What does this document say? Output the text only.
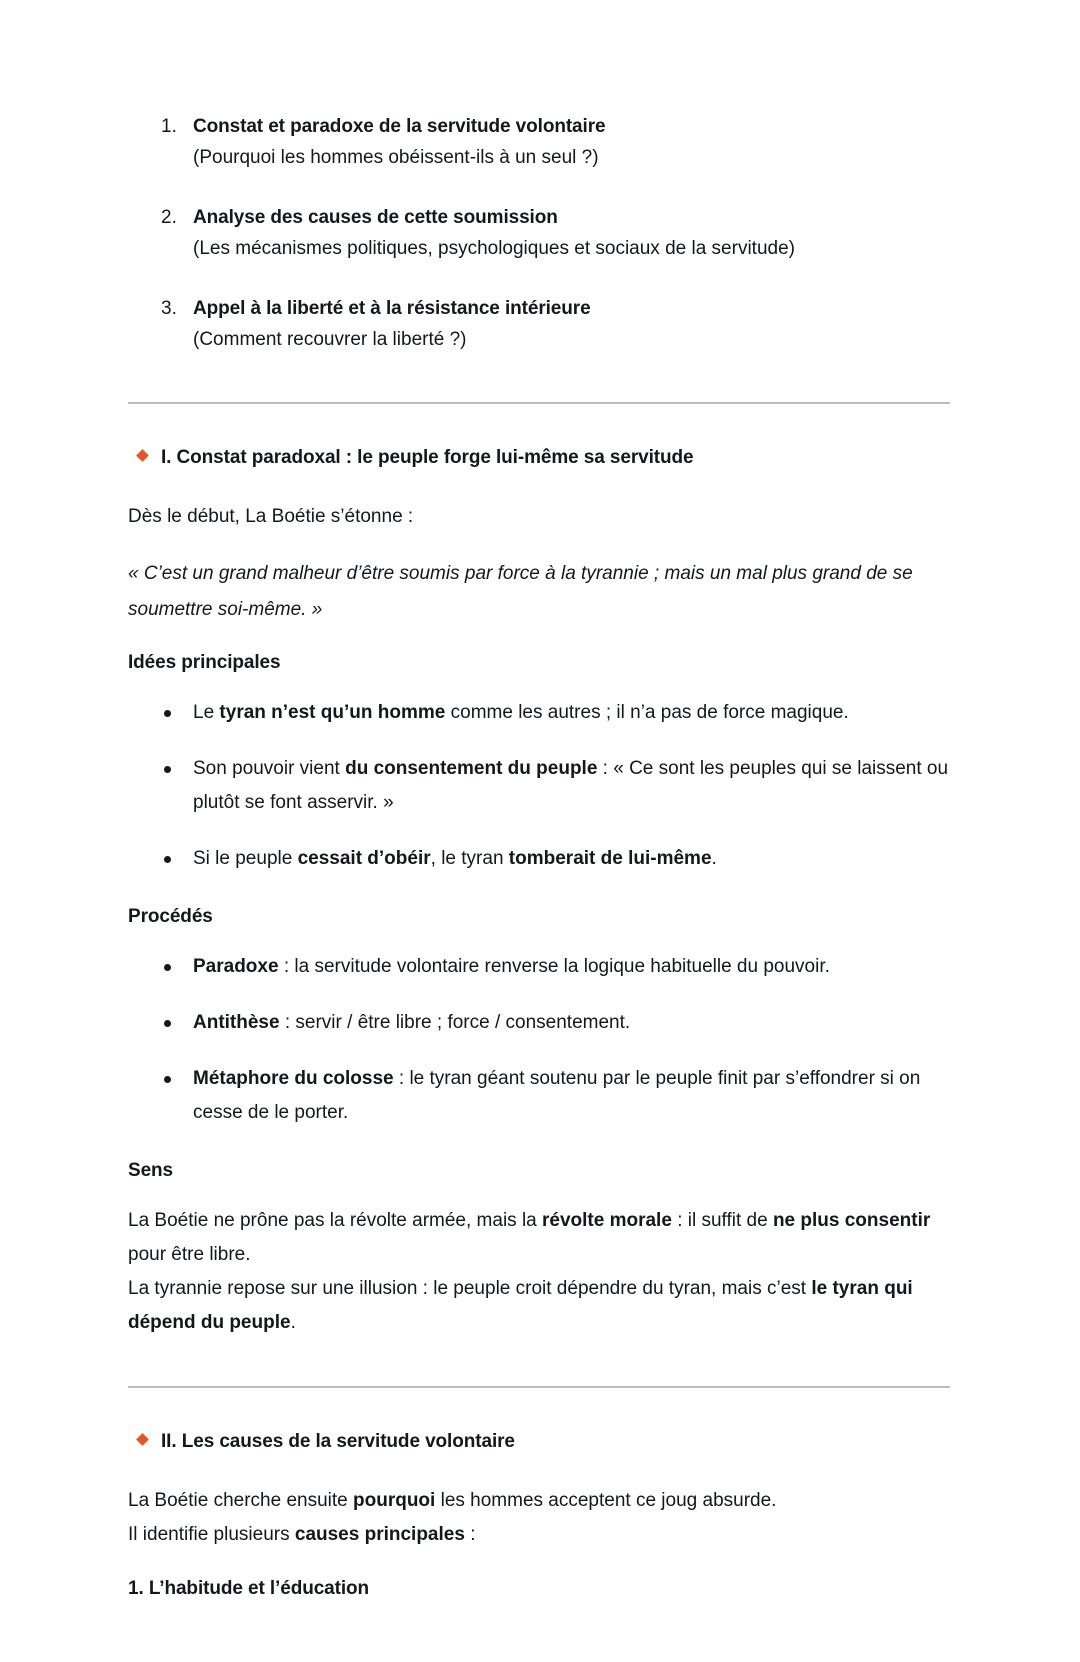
1. Constat et paradoxe de la servitude volontaire
(Pourquoi les hommes obéissent-ils à un seul ?)
2. Analyse des causes de cette soumission
(Les mécanismes politiques, psychologiques et sociaux de la servitude)
3. Appel à la liberté et à la résistance intérieure
(Comment recouvrer la liberté ?)
I. Constat paradoxal : le peuple forge lui-même sa servitude

Dès le début, La Boétie s’étonne :

« C’est un grand malheur d’être soumis par force à la tyrannie ; mais un mal plus grand de se soumettre soi-même. »

Idées principales
Le tyran n’est qu’un homme comme les autres ; il n’a pas de force magique.
Son pouvoir vient du consentement du peuple : « Ce sont les peuples qui se laissent ou plutôt se font asservir. »
Si le peuple cessait d’obéir, le tyran tomberait de lui-même.
Procédés
Paradoxe : la servitude volontaire renverse la logique habituelle du pouvoir.
Antithèse : servir / être libre ; force / consentement.
Métaphore du colosse : le tyran géant soutenu par le peuple finit par s’effondrer si on cesse de le porter.
Sens

La Boétie ne prône pas la révolte armée, mais la révolte morale : il suffit de ne plus consentir pour être libre.

La tyrannie repose sur une illusion : le peuple croit dépendre du tyran, mais c’est le tyran qui dépend du peuple.

II. Les causes de la servitude volontaire

La Boétie cherche ensuite pourquoi les hommes acceptent ce joug absurde.

Il identifie plusieurs causes principales :

1. L’habitude et l’éducation
